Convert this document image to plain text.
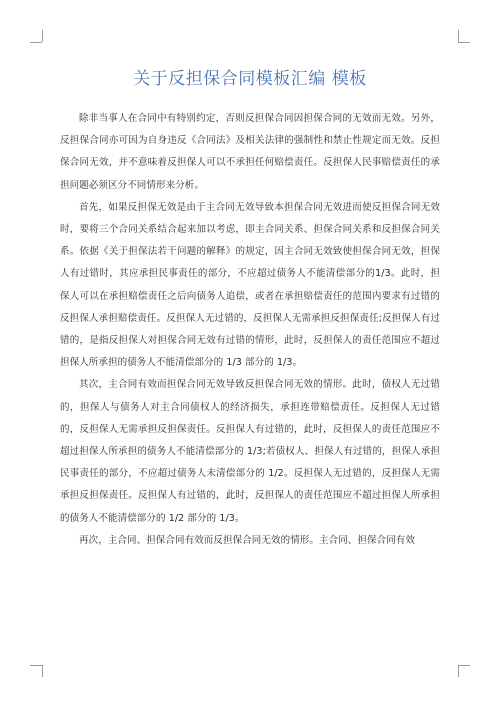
关于反担保合同模板汇编 模板

除非当事人在合同中有特别约定，否则反担保合同因担保合同的无效而无效。另外，反担保合同亦可因为自身违反《合同法》及相关法律的强制性和禁止性规定而无效。反担保合同无效，并不意味着反担保人可以不承担任何赔偿责任。反担保人民事赔偿责任的承担问题必须区分不同情形来分析。

首先，如果反担保无效是由于主合同无效导致本担保合同无效进而使反担保合同无效时，要将三个合同关系结合起来加以考虑，即主合同关系、担保合同关系和反担保合同关系。依据《关于担保法若干问题的解释》的规定，因主合同无效致使担保合同无效，担保人有过错时，其应承担民事责任的部分，不应超过债务人不能清偿部分的1/3。此时，担保人可以在承担赔偿责任之后向债务人追偿，或者在承担赔偿责任的范围内要求有过错的反担保人承担赔偿责任。反担保人无过错的，反担保人无需承担反担保责任;反担保人有过错的，是指反担保人对担保合同无效有过错的情形，此时，反担保人的责任范围应不超过担保人所承担的债务人不能清偿部分的 1/3 部分的 1/3。

其次，主合同有效而担保合同无效导致反担保合同无效的情形。此时，债权人无过错的，担保人与债务人对主合同债权人的经济损失，承担连带赔偿责任。反担保人无过错的，反担保人无需承担反担保责任。反担保人有过错的，此时，反担保人的责任范围应不超过担保人所承担的债务人不能清偿部分的 1/3;若债权人、担保人有过错的，担保人承担民事责任的部分，不应超过债务人未清偿部分的 1/2。反担保人无过错的，反担保人无需承担反担保责任。反担保人有过错的，此时，反担保人的责任范围应不超过担保人所承担的债务人不能清偿部分的 1/2 部分的 1/3。

再次，主合同、担保合同有效而反担保合同无效的情形。主合同、担保合同有效
